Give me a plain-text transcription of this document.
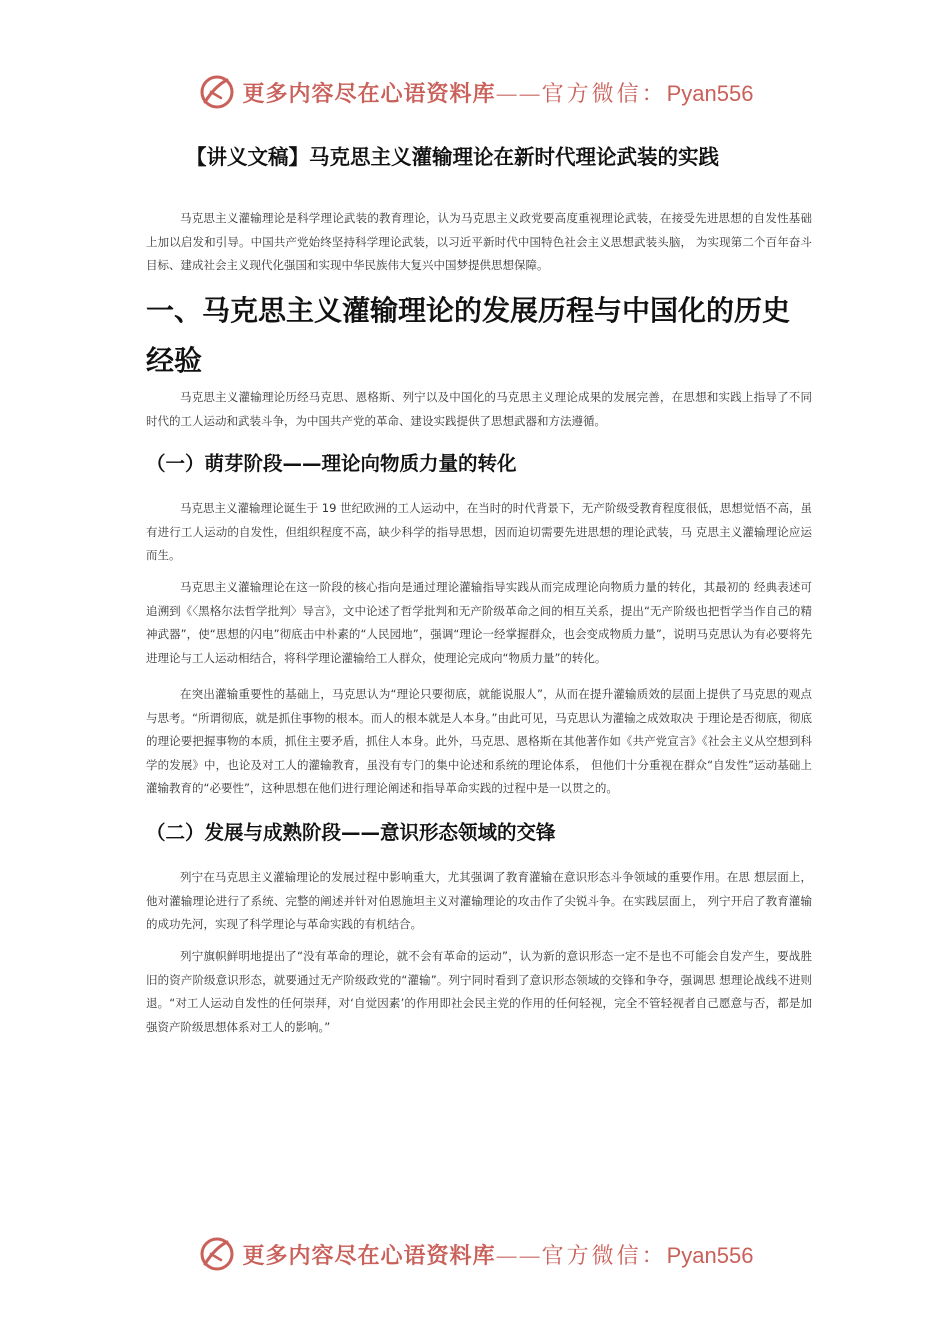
更多内容尽在心语资料库——官方微信：Pyan556
【讲义文稿】马克思主义灌输理论在新时代理论武装的实践
马克思主义灌输理论是科学理论武装的教育理论，认为马克思主义政党要高度重视理论武装，在接受先进思想的自发性基础上加以启发和引导。中国共产党始终坚持科学理论武装，以习近平新时代中国特色社会主义思想武装头脑， 为实现第二个百年奋斗目标、建成社会主义现代化强国和实现中华民族伟大复兴中国梦提供思想保障。
一、马克思主义灌输理论的发展历程与中国化的历史经验
马克思主义灌输理论历经马克思、恩格斯、列宁以及中国化的马克思主义理论成果的发展完善，在思想和实践上指导了不同时代的工人运动和武装斗争，为中国共产党的革命、建设实践提供了思想武器和方法遵循。
（一）萌芽阶段——理论向物质力量的转化
马克思主义灌输理论诞生于 19 世纪欧洲的工人运动中，在当时的时代背景下，无产阶级受教育程度很低，思想觉悟不高，虽有进行工人运动的自发性，但组织程度不高，缺少科学的指导思想，因而迫切需要先进思想的理论武装，马 克思主义灌输理论应运而生。
马克思主义灌输理论在这一阶段的核心指向是通过理论灌输指导实践从而完成理论向物质力量的转化，其最初的 经典表述可追溯到《〈黑格尔法哲学批判〉导言》，文中论述了哲学批判和无产阶级革命之间的相互关系，提出“无产阶级也把哲学当作自己的精神武器”，使“思想的闪电”彻底击中朴素的“人民园地”，强调“理论一经掌握群众，也会变成物质力量”，说明马克思认为有必要将先进理论与工人运动相结合，将科学理论灌输给工人群众，使理论完成向“物质力量”的转化。
在突出灌输重要性的基础上，马克思认为“理论只要彻底，就能说服人”，从而在提升灌输质效的层面上提供了马克思的观点与思考。“所谓彻底，就是抓住事物的根本。而人的根本就是人本身。”由此可见，马克思认为灌输之成效取决 于理论是否彻底，彻底的理论要把握事物的本质，抓住主要矛盾，抓住人本身。此外，马克思、恩格斯在其他著作如《共产党宣言》《社会主义从空想到科学的发展》中，也论及对工人的灌输教育，虽没有专门的集中论述和系统的理论体系， 但他们十分重视在群众“自发性”运动基础上灌输教育的“必要性”，这种思想在他们进行理论阐述和指导革命实践的过程中是一以贯之的。
（二）发展与成熟阶段——意识形态领域的交锋
列宁在马克思主义灌输理论的发展过程中影响重大，尤其强调了教育灌输在意识形态斗争领域的重要作用。在思 想层面上，他对灌输理论进行了系统、完整的阐述并针对伯恩施坦主义对灌输理论的攻击作了尖锐斗争。在实践层面上， 列宁开启了教育灌输的成功先河，实现了科学理论与革命实践的有机结合。
列宁旗帜鲜明地提出了“没有革命的理论，就不会有革命的运动”，认为新的意识形态一定不是也不可能会自发产生，要战胜旧的资产阶级意识形态，就要通过无产阶级政党的“灌输”。列宁同时看到了意识形态领域的交锋和争夺，强调思 想理论战线不进则退。“对工人运动自发性的任何崇拜，对‘自觉因素’的作用即社会民主党的作用的任何轻视，完全不管轻视者自己愿意与否，都是加强资产阶级思想体系对工人的影响。”
更多内容尽在心语资料库——官方微信：Pyan556
